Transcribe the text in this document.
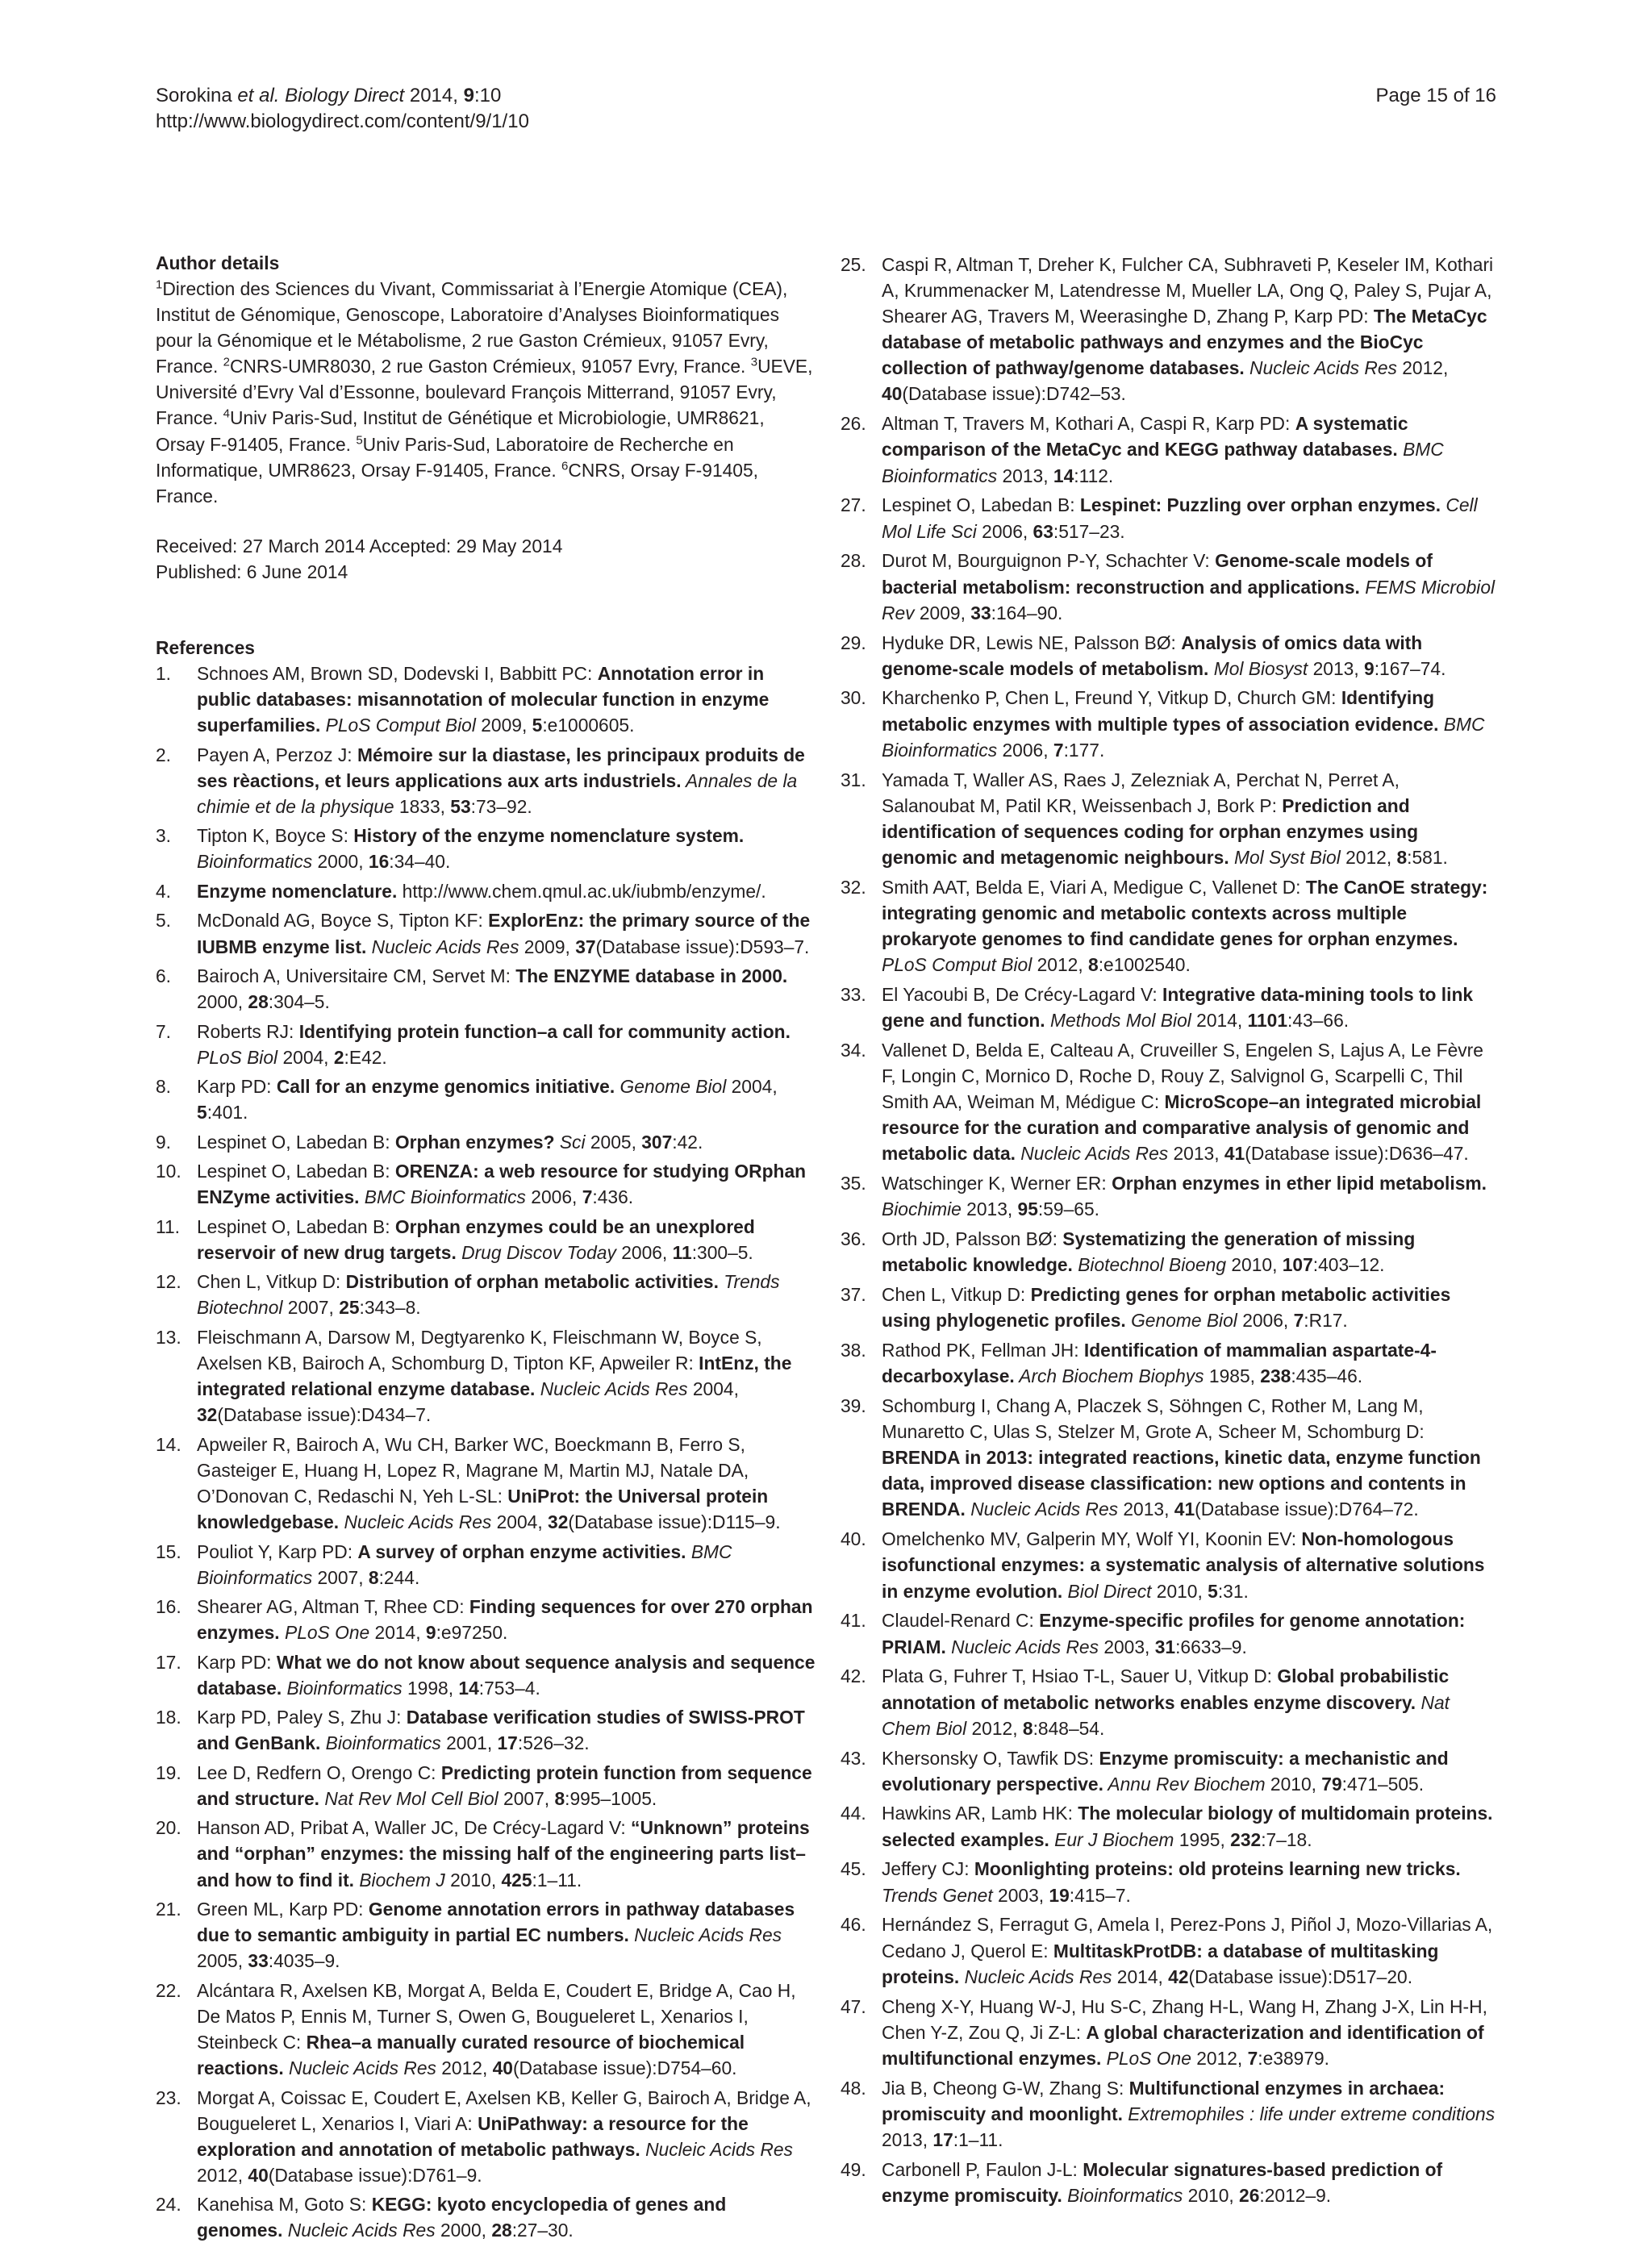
Sorokina et al. Biology Direct 2014, 9:10
http://www.biologydirect.com/content/9/1/10
Page 15 of 16
Author details

$^1$Direction des Sciences du Vivant, Commissariat à l’Energie Atomique (CEA), Institut de Génomique, Genoscope, Laboratoire d’Analyses Bioinformatiques pour la Génomique et le Métabolisme, 2 rue Gaston Crémieux, 91057 Evry, France. $^2$CNRS-UMR8030, 2 rue Gaston Crémieux, 91057 Evry, France. $^3$UEVE, Université d’Evry Val d’Essonne, boulevard François Mitterrand, 91057 Evry, France. $^4$Univ Paris-Sud, Institut de Génétique et Microbiologie, UMR8621, Orsay F-91405, France. $^5$Univ Paris-Sud, Laboratoire de Recherche en Informatique, UMR8623, Orsay F-91405, France. $^6$CNRS, Orsay F-91405, France.

Received: 27 March 2014 Accepted: 29 May 2014

Published: 6 June 2014

References
1. Schnoes AM, Brown SD, Dodevski I, Babbitt PC: Annotation error in public databases: misannotation of molecular function in enzyme superfamilies. PLoS Comput Biol 2009, 5:e1000605.
2. Payen A, Perzoz J: Mémoire sur la diastase, les principaux produits de ses rèactions, et leurs applications aux arts industriels. Annales de la chimie et de la physique 1833, 53:73–92.
3. Tipton K, Boyce S: History of the enzyme nomenclature system. Bioinformatics 2000, 16:34–40.
4. Enzyme nomenclature. http://www.chem.qmul.ac.uk/iubmb/enzyme/.
5. McDonald AG, Boyce S, Tipton KF: ExplorEnz: the primary source of the IUBMB enzyme list. Nucleic Acids Res 2009, 37(Database issue):D593–7.
6. Bairoch A, Universitaire CM, Servet M: The ENZYME database in 2000. 2000, 28:304–5.
7. Roberts RJ: Identifying protein function–a call for community action. PLoS Biol 2004, 2:E42.
8. Karp PD: Call for an enzyme genomics initiative. Genome Biol 2004, 5:401.
9. Lespinet O, Labedan B: Orphan enzymes? Sci 2005, 307:42.
10. Lespinet O, Labedan B: ORENZA: a web resource for studying ORphan ENZyme activities. BMC Bioinformatics 2006, 7:436.
11. Lespinet O, Labedan B: Orphan enzymes could be an unexplored reservoir of new drug targets. Drug Discov Today 2006, 11:300–5.
12. Chen L, Vitkup D: Distribution of orphan metabolic activities. Trends Biotechnol 2007, 25:343–8.
13. Fleischmann A, Darsow M, Degtyarenko K, Fleischmann W, Boyce S, Axelsen KB, Bairoch A, Schomburg D, Tipton KF, Apweiler R: IntEnz, the integrated relational enzyme database. Nucleic Acids Res 2004, 32(Database issue):D434–7.
14. Apweiler R, Bairoch A, Wu CH, Barker WC, Boeckmann B, Ferro S, Gasteiger E, Huang H, Lopez R, Magrane M, Martin MJ, Natale DA, O’Donovan C, Redaschi N, Yeh L-SL: UniProt: the Universal protein knowledgebase. Nucleic Acids Res 2004, 32(Database issue):D115–9.
15. Pouliot Y, Karp PD: A survey of orphan enzyme activities. BMC Bioinformatics 2007, 8:244.
16. Shearer AG, Altman T, Rhee CD: Finding sequences for over 270 orphan enzymes. PLoS One 2014, 9:e97250.
17. Karp PD: What we do not know about sequence analysis and sequence database. Bioinformatics 1998, 14:753–4.
18. Karp PD, Paley S, Zhu J: Database verification studies of SWISS-PROT and GenBank. Bioinformatics 2001, 17:526–32.
19. Lee D, Redfern O, Orengo C: Predicting protein function from sequence and structure. Nat Rev Mol Cell Biol 2007, 8:995–1005.
20. Hanson AD, Pribat A, Waller JC, De Crécy-Lagard V: “Unknown” proteins and “orphan” enzymes: the missing half of the engineering parts list–and how to find it. Biochem J 2010, 425:1–11.
21. Green ML, Karp PD: Genome annotation errors in pathway databases due to semantic ambiguity in partial EC numbers. Nucleic Acids Res 2005, 33:4035–9.
22. Alcántara R, Axelsen KB, Morgat A, Belda E, Coudert E, Bridge A, Cao H, De Matos P, Ennis M, Turner S, Owen G, Bougueleret L, Xenarios I, Steinbeck C: Rhea–a manually curated resource of biochemical reactions. Nucleic Acids Res 2012, 40(Database issue):D754–60.
23. Morgat A, Coissac E, Coudert E, Axelsen KB, Keller G, Bairoch A, Bridge A, Bougueleret L, Xenarios I, Viari A: UniPathway: a resource for the exploration and annotation of metabolic pathways. Nucleic Acids Res 2012, 40(Database issue):D761–9.
24. Kanehisa M, Goto S: KEGG: kyoto encyclopedia of genes and genomes. Nucleic Acids Res 2000, 28:27–30.
25. Caspi R, Altman T, Dreher K, Fulcher CA, Subhraveti P, Keseler IM, Kothari A, Krummenacker M, Latendresse M, Mueller LA, Ong Q, Paley S, Pujar A, Shearer AG, Travers M, Weerasinghe D, Zhang P, Karp PD: The MetaCyc database of metabolic pathways and enzymes and the BioCyc collection of pathway/genome databases. Nucleic Acids Res 2012, 40(Database issue):D742–53.
26. Altman T, Travers M, Kothari A, Caspi R, Karp PD: A systematic comparison of the MetaCyc and KEGG pathway databases. BMC Bioinformatics 2013, 14:112.
27. Lespinet O, Labedan B: Lespinet: Puzzling over orphan enzymes. Cell Mol Life Sci 2006, 63:517–23.
28. Durot M, Bourguignon P-Y, Schachter V: Genome-scale models of bacterial metabolism: reconstruction and applications. FEMS Microbiol Rev 2009, 33:164–90.
29. Hyduke DR, Lewis NE, Palsson BØ: Analysis of omics data with genome-scale models of metabolism. Mol Biosyst 2013, 9:167–74.
30. Kharchenko P, Chen L, Freund Y, Vitkup D, Church GM: Identifying metabolic enzymes with multiple types of association evidence. BMC Bioinformatics 2006, 7:177.
31. Yamada T, Waller AS, Raes J, Zelezniak A, Perchat N, Perret A, Salanoubat M, Patil KR, Weissenbach J, Bork P: Prediction and identification of sequences coding for orphan enzymes using genomic and metagenomic neighbours. Mol Syst Biol 2012, 8:581.
32. Smith AAT, Belda E, Viari A, Medigue C, Vallenet D: The CanOE strategy: integrating genomic and metabolic contexts across multiple prokaryote genomes to find candidate genes for orphan enzymes. PLoS Comput Biol 2012, 8:e1002540.
33. El Yacoubi B, De Crécy-Lagard V: Integrative data-mining tools to link gene and function. Methods Mol Biol 2014, 1101:43–66.
34. Vallenet D, Belda E, Calteau A, Cruveiller S, Engelen S, Lajus A, Le Fèvre F, Longin C, Mornico D, Roche D, Rouy Z, Salvignol G, Scarpelli C, Thil Smith AA, Weiman M, Médigue C: MicroScope–an integrated microbial resource for the curation and comparative analysis of genomic and metabolic data. Nucleic Acids Res 2013, 41(Database issue):D636–47.
35. Watschinger K, Werner ER: Orphan enzymes in ether lipid metabolism. Biochimie 2013, 95:59–65.
36. Orth JD, Palsson BØ: Systematizing the generation of missing metabolic knowledge. Biotechnol Bioeng 2010, 107:403–12.
37. Chen L, Vitkup D: Predicting genes for orphan metabolic activities using phylogenetic profiles. Genome Biol 2006, 7:R17.
38. Rathod PK, Fellman JH: Identification of mammalian aspartate-4-decarboxylase. Arch Biochem Biophys 1985, 238:435–46.
39. Schomburg I, Chang A, Placzek S, Söhngen C, Rother M, Lang M, Munaretto C, Ulas S, Stelzer M, Grote A, Scheer M, Schomburg D: BRENDA in 2013: integrated reactions, kinetic data, enzyme function data, improved disease classification: new options and contents in BRENDA. Nucleic Acids Res 2013, 41(Database issue):D764–72.
40. Omelchenko MV, Galperin MY, Wolf YI, Koonin EV: Non-homologous isofunctional enzymes: a systematic analysis of alternative solutions in enzyme evolution. Biol Direct 2010, 5:31.
41. Claudel-Renard C: Enzyme-specific profiles for genome annotation: PRIAM. Nucleic Acids Res 2003, 31:6633–9.
42. Plata G, Fuhrer T, Hsiao T-L, Sauer U, Vitkup D: Global probabilistic annotation of metabolic networks enables enzyme discovery. Nat Chem Biol 2012, 8:848–54.
43. Khersonsky O, Tawfik DS: Enzyme promiscuity: a mechanistic and evolutionary perspective. Annu Rev Biochem 2010, 79:471–505.
44. Hawkins AR, Lamb HK: The molecular biology of multidomain proteins. selected examples. Eur J Biochem 1995, 232:7–18.
45. Jeffery CJ: Moonlighting proteins: old proteins learning new tricks. Trends Genet 2003, 19:415–7.
46. Hernández S, Ferragut G, Amela I, Perez-Pons J, Piñol J, Mozo-Villarias A, Cedano J, Querol E: MultitaskProtDB: a database of multitasking proteins. Nucleic Acids Res 2014, 42(Database issue):D517–20.
47. Cheng X-Y, Huang W-J, Hu S-C, Zhang H-L, Wang H, Zhang J-X, Lin H-H, Chen Y-Z, Zou Q, Ji Z-L: A global characterization and identification of multifunctional enzymes. PLoS One 2012, 7:e38979.
48. Jia B, Cheong G-W, Zhang S: Multifunctional enzymes in archaea: promiscuity and moonlight. Extremophiles : life under extreme conditions 2013, 17:1–11.
49. Carbonell P, Faulon J-L: Molecular signatures-based prediction of enzyme promiscuity. Bioinformatics 2010, 26:2012–9.
